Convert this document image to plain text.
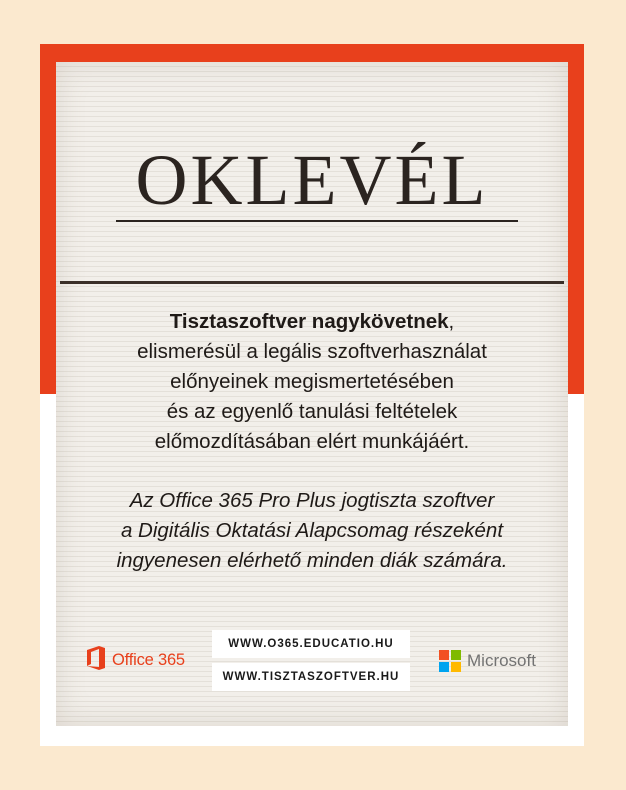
OKLEVÉL
Tisztaszoftver nagykövetnek,
elismerésül a legális szoftverhasználat
előnyeinek megismertetésében
és az egyenlő tanulási feltételek
előmozdításában elért munkájáért.
Az Office 365 Pro Plus jogtiszta szoftver
a Digitális Oktatási Alapcsomag részeként
ingyenesen elérhető minden diák számára.
Office 365
WWW.O365.EDUCATIO.HU
WWW.TISZTASZOFTVER.HU
Microsoft
